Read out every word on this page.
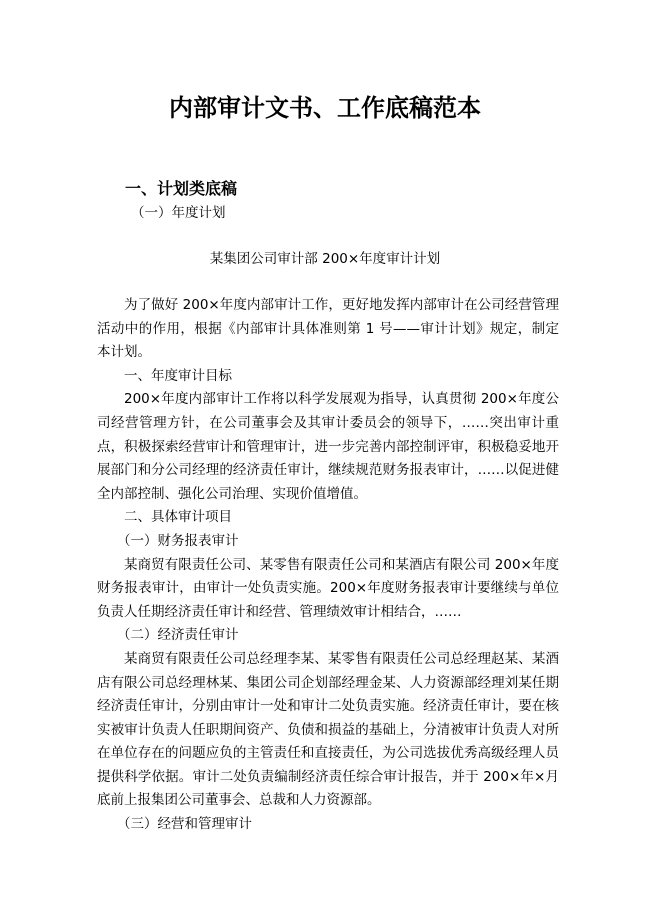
内部审计文书、工作底稿范本
一、计划类底稿
（一）年度计划
某集团公司审计部 200×年度审计计划

为了做好 200×年度内部审计工作，更好地发挥内部审计在公司经营管理活动中的作用，根据《内部审计具体准则第 1 号——审计计划》规定，制定本计划。

一、年度审计目标

200×年度内部审计工作将以科学发展观为指导，认真贯彻 200×年度公司经营管理方针，在公司董事会及其审计委员会的领导下，……突出审计重点，积极探索经营审计和管理审计，进一步完善内部控制评审，积极稳妥地开展部门和分公司经理的经济责任审计，继续规范财务报表审计，……以促进健全内部控制、强化公司治理、实现价值增值。

二、具体审计项目

（一）财务报表审计

某商贸有限责任公司、某零售有限责任公司和某酒店有限公司 200×年度财务报表审计，由审计一处负责实施。200×年度财务报表审计要继续与单位负责人任期经济责任审计和经营、管理绩效审计相结合，……

（二）经济责任审计

某商贸有限责任公司总经理李某、某零售有限责任公司总经理赵某、某酒店有限公司总经理林某、集团公司企划部经理金某、人力资源部经理刘某任期经济责任审计，分别由审计一处和审计二处负责实施。经济责任审计，要在核实被审计负责人任职期间资产、负债和损益的基础上，分清被审计负责人对所在单位存在的问题应负的主管责任和直接责任，为公司选拔优秀高级经理人员提供科学依据。审计二处负责编制经济责任综合审计报告，并于 200×年×月底前上报集团公司董事会、总裁和人力资源部。

（三）经营和管理审计
